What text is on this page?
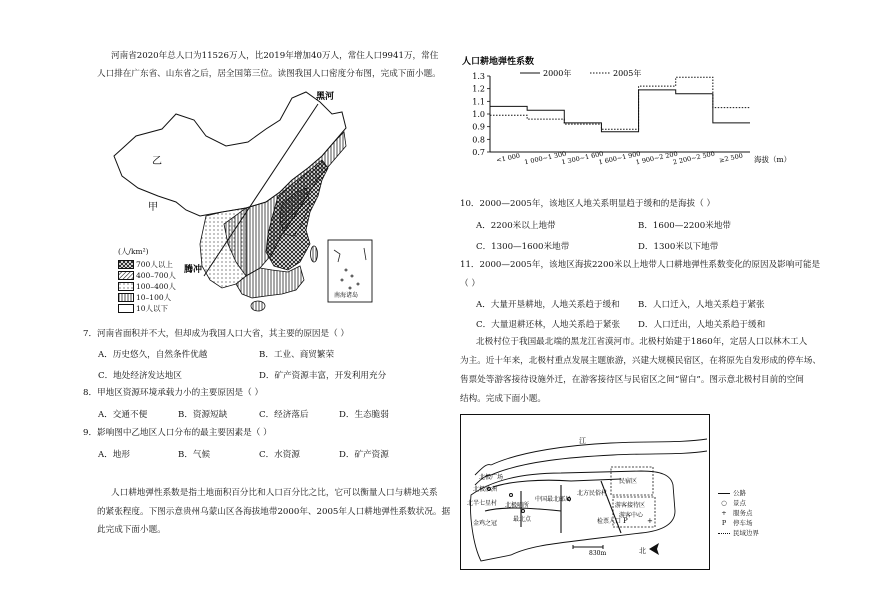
河南省2020年总人口为11526万人，比2019年增加40万人，常住人口9941万，常住
人口排在广东省、山东省之后，居全国第三位。读图我国人口密度分布图，完成下面小题。
南海诸岛
黑河
乙
甲
腾冲
(人/km²)
700人以上
400–700人
100–400人
10–100人
10人以下
7．河南省面积并不大，但却成为我国人口大省，其主要的原因是（ ）
A．历史悠久，自然条件优越	B．工业、商贸繁荣
C．地处经济发达地区	D．矿产资源丰富，开发利用充分
8．甲地区资源环境承载力小的主要原因是（ ）
A．交通不便	B．资源短缺	C．经济落后	D．生态脆弱
9．影响图中乙地区人口分布的最主要因素是（ ）
A．地形	B．气候	C．水资源	D．矿产资源
人口耕地弹性系数是指土地面积百分比和人口百分比之比，它可以衡量人口与耕地关系
的紧张程度。下图示意贵州乌蒙山区各海拔地带2000年、2005年人口耕地弹性系数状况。据
此完成下面小题。
人口耕地弹性系数
1.3
1.2
1.1
1.0
0.9
0.8
0.7 <1 000 1 000~1 300
1 300~1 600
1 600~1 900
1 900~2 200
2 200~2 500 ≥2 500 海拔（m）
2000年	2005年
10．2000—2005年，该地区人地关系明显趋于缓和的是海拔（ ）
A．2200米以上地带	B．1600—2200米地带
C．1300—1600米地带	D．1300米以下地带
11．2000—2005年，该地区海拔2200米以上地带人口耕地弹性系数变化的原因及影响可能是
（ ）
A．大量开垦耕地，人地关系趋于缓和 B．人口迁入，人地关系趋于紧张
C．大量退耕还林，人地关系趋于紧张 D．人口迁出，人地关系趋于缓和
北极村位于我国最北端的黑龙江省漠河市。北极村始建于1860年，定居人口以林木工人
为主。近十年来，北极村重点发展主题旅游，兴建大规模民宿区，在将原先自发形成的停车场、
售票处等游客接待设施外迁，在游客接待区与民宿区之间“留白”。图示意北极村目前的空间
结构。完成下面小题。
P	+
江
北极广场
北极沙洲
北半七星村
金鸡之冠
中国最北邮局
北极哨所
最北点
北方民俗村
民宿区
游客接待区
游客中心
检票入口
830m	北
公路
○ 景点
+ 服务点
P	停车场
民域边界
